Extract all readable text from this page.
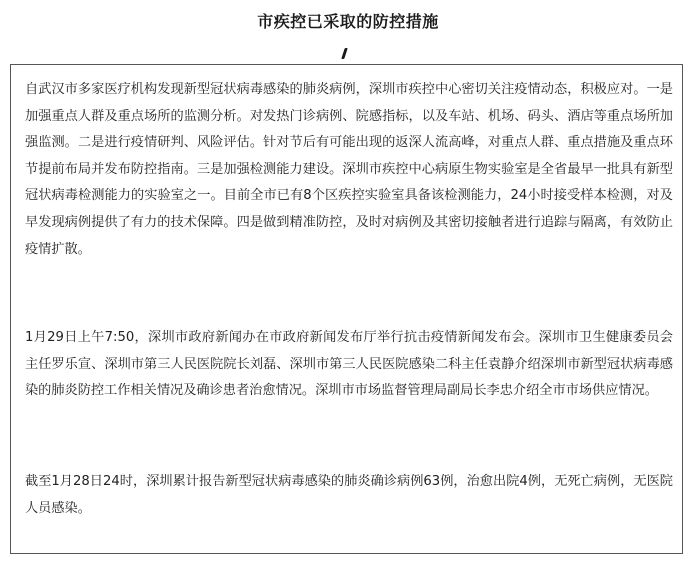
市疾控已采取的防控措施

自武汉市多家医疗机构发现新型冠状病毒感染的肺炎病例，深圳市疾控中心密切关注疫情动态，积极应对。一是加强重点人群及重点场所的监测分析。对发热门诊病例、院感指标，以及车站、机场、码头、酒店等重点场所加强监测。二是进行疫情研判、风险评估。针对节后有可能出现的返深人流高峰，对重点人群、重点措施及重点环节提前布局并发布防控指南。三是加强检测能力建设。深圳市疾控中心病原生物实验室是全省最早一批具有新型冠状病毒检测能力的实验室之一。目前全市已有8个区疾控实验室具备该检测能力，24小时接受样本检测，对及早发现病例提供了有力的技术保障。四是做到精准防控，及时对病例及其密切接触者进行追踪与隔离，有效防止疫情扩散。

1月29日上午7:50，深圳市政府新闻办在市政府新闻发布厅举行抗击疫情新闻发布会。深圳市卫生健康委员会主任罗乐宣、深圳市第三人民医院院长刘磊、深圳市第三人民医院感染二科主任袁静介绍深圳市新型冠状病毒感染的肺炎防控工作相关情况及确诊患者治愈情况。深圳市市场监督管理局副局长李忠介绍全市市场供应情况。

截至1月28日24时，深圳累计报告新型冠状病毒感染的肺炎确诊病例63例，治愈出院4例，无死亡病例，无医院人员感染。
